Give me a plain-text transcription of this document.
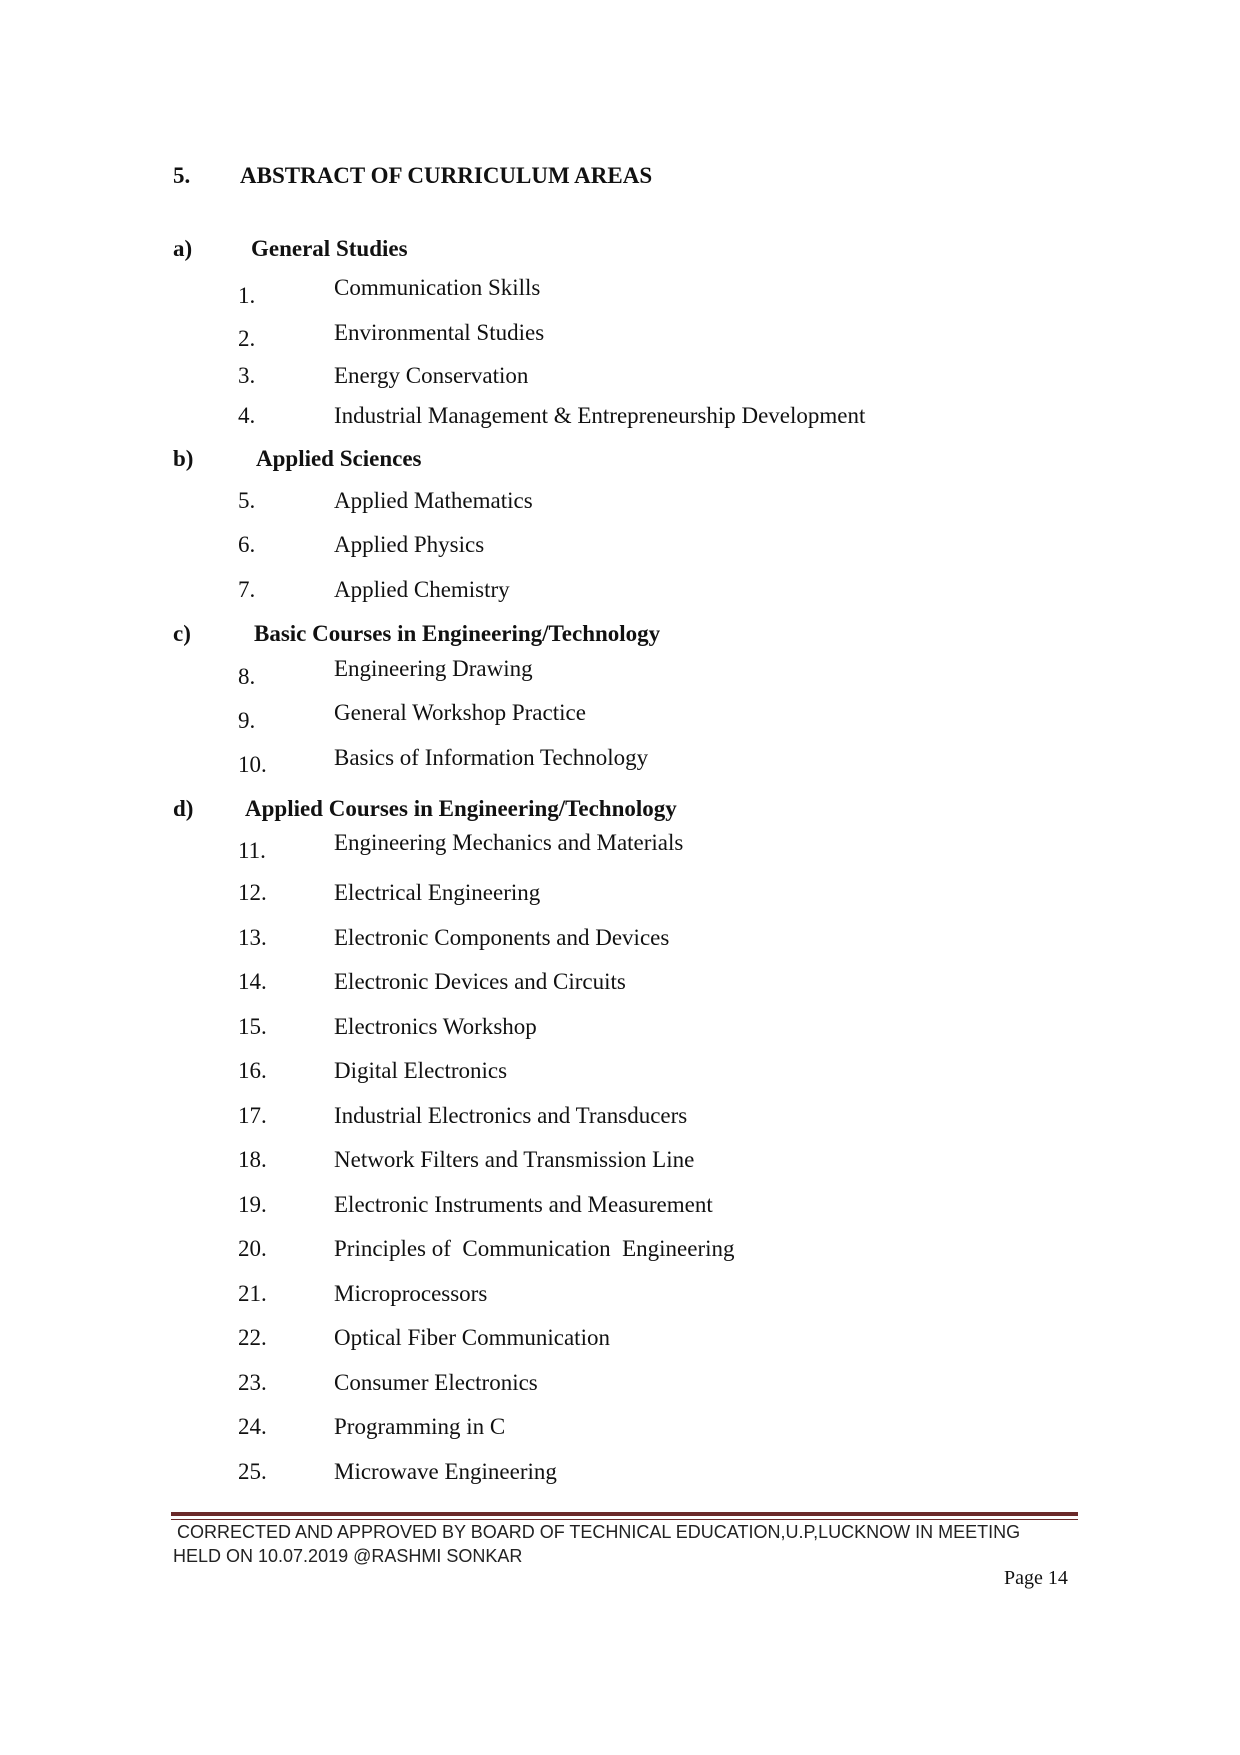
5. ABSTRACT OF CURRICULUM AREAS
a)	General Studies
1.	Communication Skills
2.	Environmental Studies
3.	Energy Conservation
4.	Industrial Management & Entrepreneurship Development
b)	Applied Sciences
5.	Applied Mathematics
6.	Applied Physics
7.	Applied Chemistry
c)	Basic Courses in Engineering/Technology
8.	Engineering Drawing
9.	General Workshop Practice
10.	Basics of Information Technology
d) Applied Courses in Engineering/Technology
11.	Engineering Mechanics and Materials
12.	Electrical Engineering
13.	Electronic Components and Devices
14.	Electronic Devices and Circuits
15.	Electronics Workshop
16.	Digital Electronics
17.	Industrial Electronics and Transducers
18.	Network Filters and Transmission Line
19.	Electronic Instruments and Measurement
20.	Principles of  Communication  Engineering
21.	Microprocessors
22.	Optical Fiber Communication
23.	Consumer Electronics
24.	Programming in C
25.	Microwave Engineering
CORRECTED AND APPROVED BY BOARD OF TECHNICAL EDUCATION,U.P,LUCKNOW IN MEETING
HELD ON 10.07.2019 @RASHMI SONKAR
Page 14
